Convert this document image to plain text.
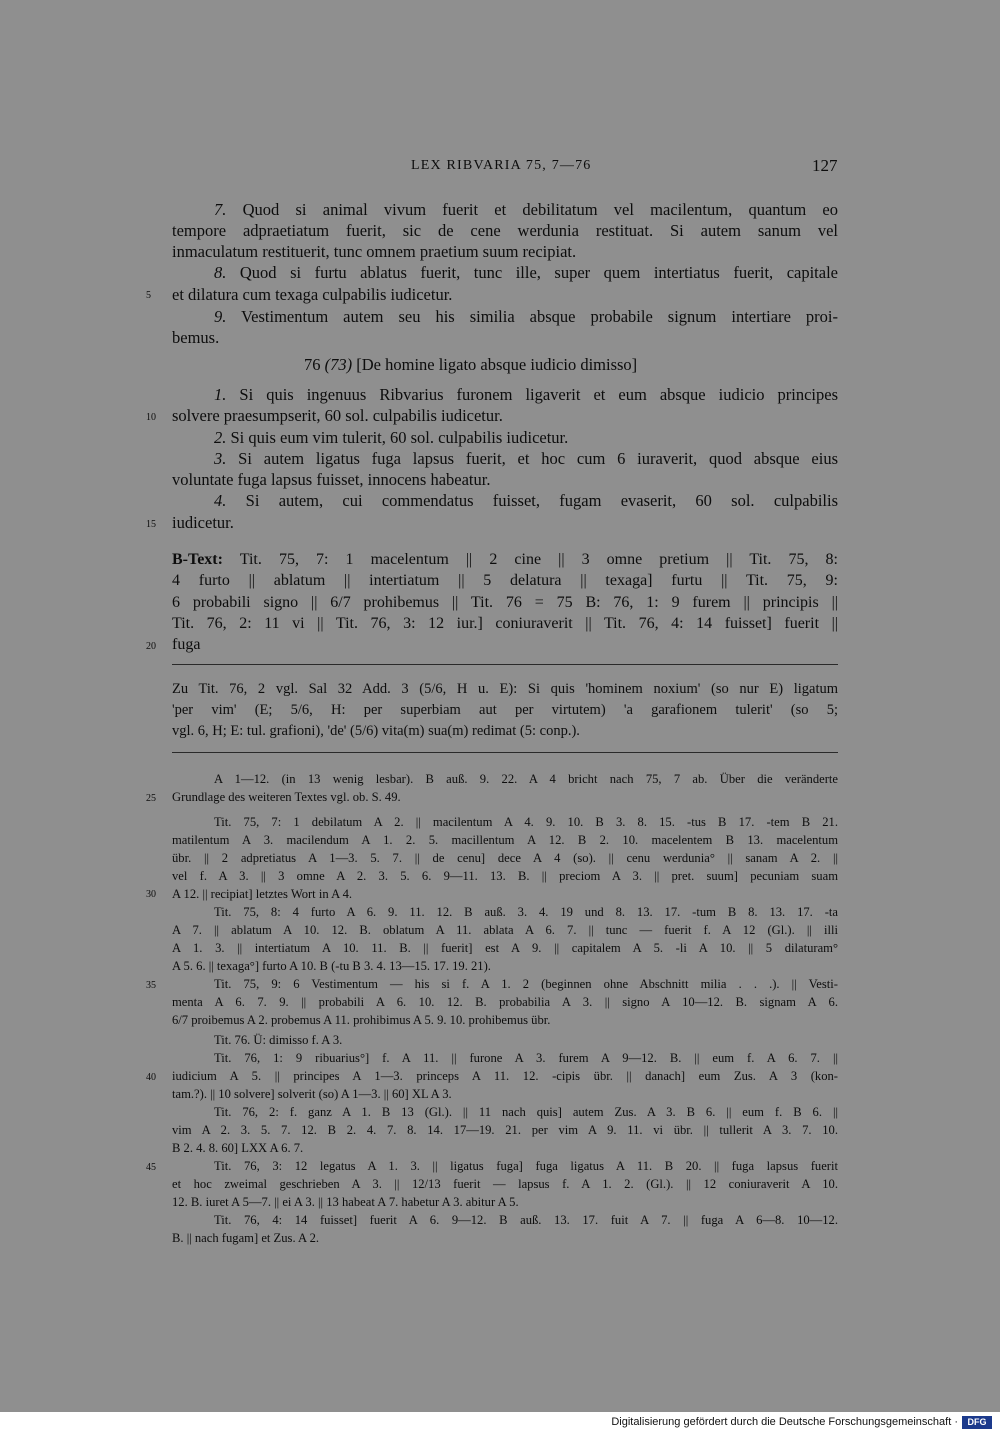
LEX RIBVARIA 75, 7—76	127
7. Quod si animal vivum fuerit et debilitatum vel macilentum, quantum eo
tempore adpraetiatum fuerit, sic de cene werdunia restituat. Si autem sanum vel
inmaculatum restituerit, tunc omnem praetium suum recipiat.
8. Quod si furtu ablatus fuerit, tunc ille, super quem intertiatus fuerit, capitale
5 et dilatura cum texaga culpabilis iudicetur.
9. Vestimentum autem seu his similia absque probabile signum intertiare proi-
bemus.
76 (73) [De homine ligato absque iudicio dimisso]
1. Si quis ingenuus Ribvarius furonem ligaverit et eum absque iudicio principes
10 solvere praesumpserit, 60 sol. culpabilis iudicetur.
2. Si quis eum vim tulerit, 60 sol. culpabilis iudicetur.
3. Si autem ligatus fuga lapsus fuerit, et hoc cum 6 iuraverit, quod absque eius
voluntate fuga lapsus fuisset, innocens habeatur.
4. Si autem, cui commendatus fuisset, fugam evaserit, 60 sol. culpabilis
15 iudicetur.
B-Text: Tit. 75, 7: 1 macelentum || 2 cine || 3 omne pretium || Tit. 75, 8:
4 furto || ablatum || intertiatum || 5 delatura || texaga] furtu || Tit. 75, 9:
6 probabili signo || 6/7 prohibemus || Tit. 76 = 75 B: 76, 1: 9 furem || principis ||
Tit. 76, 2: 11 vi || Tit. 76, 3: 12 iur.] coniuraverit || Tit. 76, 4: 14 fuisset] fuerit ||
20 fuga
Zu Tit. 76, 2 vgl. Sal 32 Add. 3 (5/6, H u. E): Si quis 'hominem noxium' (so nur E) ligatum
'per vim' (E; 5/6, H: per superbiam aut per virtutem) 'a garafionem tulerit' (so 5;
vgl. 6, H; E: tul. grafioni), 'de' (5/6) vita(m) sua(m) redimat (5: conp.).
A 1—12. (in 13 wenig lesbar). B auß. 9. 22. A 4 bricht nach 75, 7 ab. Über die veränderte
25 Grundlage des weiteren Textes vgl. ob. S. 49.
Tit. 75, 7: 1 debilatum A 2. || macilentum A 4. 9. 10. B 3. 8. 15. -tus B 17. -tem B 21.
matilentum A 3. macilendum A 1. 2. 5. macillentum A 12. B 2. 10. macelentem B 13. macelentum
übr. || 2 adpretiatus A 1—3. 5. 7. || de cenu] dece A 4 (so). || cenu werdunia° || sanam A 2. ||
vel f. A 3. || 3 omne A 2. 3. 5. 6. 9—11. 13. B. || preciom A 3. || pret. suum] pecuniam suam
30 A 12. || recipiat] letztes Wort in A 4.
Tit. 75, 8: 4 furto A 6. 9. 11. 12. B auß. 3. 4. 19 und 8. 13. 17. -tum B 8. 13. 17. -ta
A 7. || ablatum A 10. 12. B. oblatum A 11. ablata A 6. 7. || tunc — fuerit f. A 12 (Gl.). || illi
A 1. 3. || intertiatum A 10. 11. B. || fuerit] est A 9. || capitalem A 5. -li A 10. || 5 dilaturam°
A 5. 6. || texaga°] furto A 10. B (-tu B 3. 4. 13—15. 17. 19. 21).
35	Tit. 75, 9: 6 Vestimentum — his si f. A 1. 2 (beginnen ohne Abschnitt milia . . .). || Vesti-
menta A 6. 7. 9. || probabili A 6. 10. 12. B. probabilia A 3. || signo A 10—12. B. signam A 6.
6/7 proibemus A 2. probemus A 11. prohibimus A 5. 9. 10. prohibemus übr.
Tit. 76. Ü: dimisso f. A 3.
Tit. 76, 1: 9 ribuarius°] f. A 11. || furone A 3. furem A 9—12. B. || eum f. A 6. 7. ||
40 iudicium A 5. || principes A 1—3. princeps A 11. 12. -cipis übr. || danach] eum Zus. A 3 (kon-
tam.?). || 10 solvere] solverit (so) A 1—3. || 60] XL A 3.
Tit. 76, 2: f. ganz A 1. B 13 (Gl.). || 11 nach quis] autem Zus. A 3. B 6. || eum f. B 6. ||
vim A 2. 3. 5. 7. 12. B 2. 4. 7. 8. 14. 17—19. 21. per vim A 9. 11. vi übr. || tullerit A 3. 7. 10.
B 2. 4. 8. 60] LXX A 6. 7.
45	Tit. 76, 3: 12 legatus A 1. 3. || ligatus fuga] fuga ligatus A 11. B 20. || fuga lapsus fuerit
et hoc zweimal geschrieben A 3. || 12/13 fuerit — lapsus f. A 1. 2. (Gl.). || 12 coniuraverit A 10.
12. B. iuret A 5—7. || ei A 3. || 13 habeat A 7. habetur A 3. abitur A 5.
Tit. 76, 4: 14 fuisset] fuerit A 6. 9—12. B auß. 13. 17. fuit A 7. || fuga A 6—8. 10—12.
B. || nach fugam] et Zus. A 2.
Digitalisierung gefördert durch die Deutsche Forschungsgemeinschaft ·	DFG
